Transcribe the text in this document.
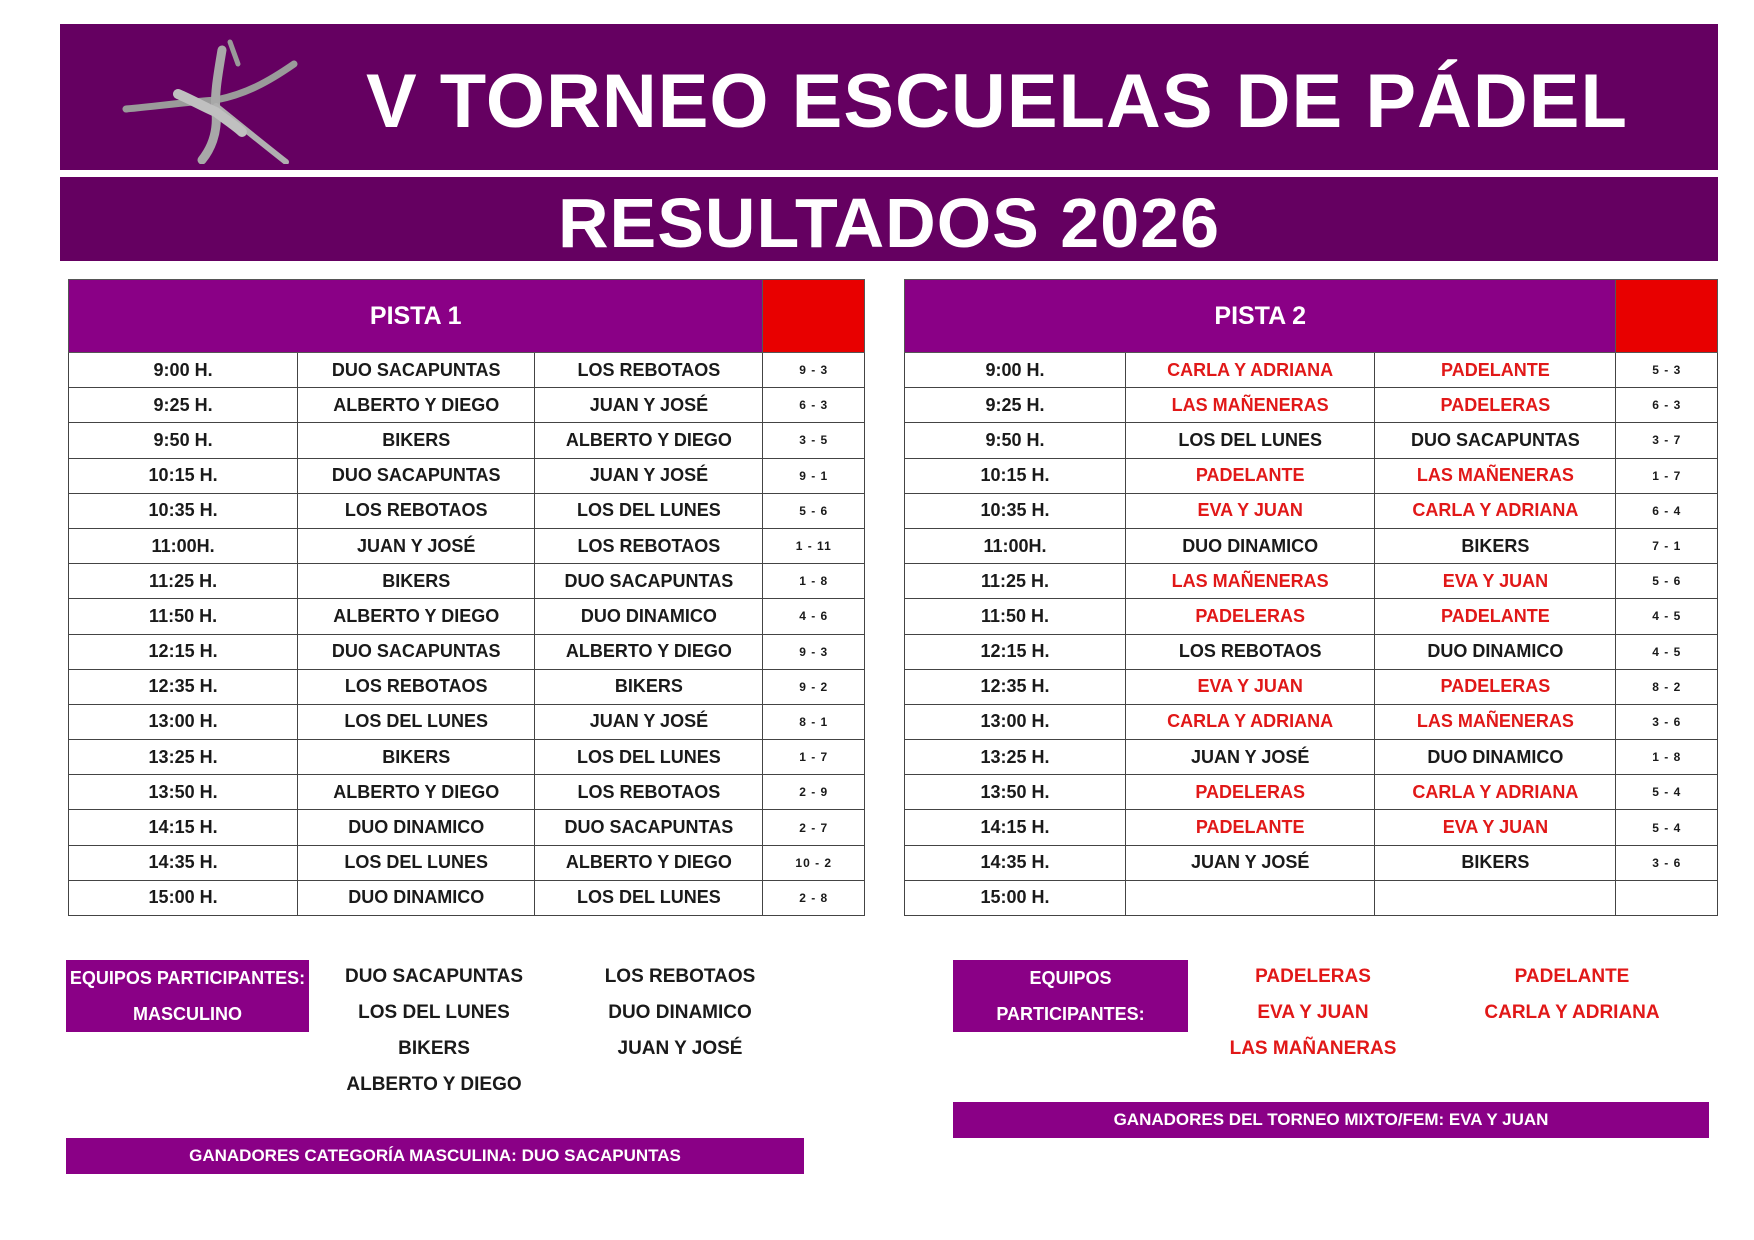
V TORNEO ESCUELAS DE PÁDEL
RESULTADOS 2026
PISTA 1			
9:00 H.	DUO SACAPUNTAS	LOS REBOTAOS	9 - 3
9:25 H.	ALBERTO Y DIEGO	JUAN Y JOSÉ	6 - 3
9:50 H.	BIKERS	ALBERTO Y DIEGO	3 - 5
10:15 H.	DUO SACAPUNTAS	JUAN Y JOSÉ	9 - 1
10:35 H.	LOS REBOTAOS	LOS DEL LUNES	5 - 6
11:00H.	JUAN Y JOSÉ	LOS REBOTAOS	1 - 11
11:25 H.	BIKERS	DUO SACAPUNTAS	1 - 8
11:50 H.	ALBERTO Y DIEGO	DUO DINAMICO	4 - 6
12:15 H.	DUO SACAPUNTAS	ALBERTO Y DIEGO	9 - 3
12:35 H.	LOS REBOTAOS	BIKERS	9 - 2
13:00 H.	LOS DEL LUNES	JUAN Y JOSÉ	8 - 1
13:25 H.	BIKERS	LOS DEL LUNES	1 - 7
13:50 H.	ALBERTO Y DIEGO	LOS REBOTAOS	2 - 9
14:15 H.	DUO DINAMICO	DUO SACAPUNTAS	2 - 7
14:35 H.	LOS DEL LUNES	ALBERTO Y DIEGO	10 - 2
15:00 H.	DUO DINAMICO	LOS DEL LUNES	2 - 8
PISTA 2			
9:00 H.	CARLA Y ADRIANA	PADELANTE	5 - 3
9:25 H.	LAS MAÑENERAS	PADELERAS	6 - 3
9:50 H.	LOS DEL LUNES	DUO SACAPUNTAS	3 - 7
10:15 H.	PADELANTE	LAS MAÑENERAS	1 - 7
10:35 H.	EVA Y JUAN	CARLA Y ADRIANA	6 - 4
11:00H.	DUO DINAMICO	BIKERS	7 - 1
11:25 H.	LAS MAÑENERAS	EVA Y JUAN	5 - 6
11:50 H.	PADELERAS	PADELANTE	4 - 5
12:15 H.	LOS REBOTAOS	DUO DINAMICO	4 - 5
12:35 H.	EVA Y JUAN	PADELERAS	8 - 2
13:00 H.	CARLA Y ADRIANA	LAS MAÑENERAS	3 - 6
13:25 H.	JUAN Y JOSÉ	DUO DINAMICO	1 - 8
13:50 H.	PADELERAS	CARLA Y ADRIANA	5 - 4
14:15 H.	PADELANTE	EVA Y JUAN	5 - 4
14:35 H.	JUAN Y JOSÉ	BIKERS	3 - 6
15:00 H.			
EQUIPOS PARTICIPANTES:
MASCULINO
DUO SACAPUNTAS	LOS REBOTAOS
LOS DEL LUNES	DUO DINAMICO
BIKERS	JUAN Y JOSÉ
ALBERTO Y DIEGO
EQUIPOS PARTICIPANTES:
MIXTO / FEM.
PADELERAS	PADELANTE
EVA Y JUAN	CARLA Y ADRIANA
LAS MAÑANERAS
GANADORES CATEGORÍA MASCULINA: DUO SACAPUNTAS
GANADORES DEL TORNEO MIXTO/FEM: EVA Y JUAN
